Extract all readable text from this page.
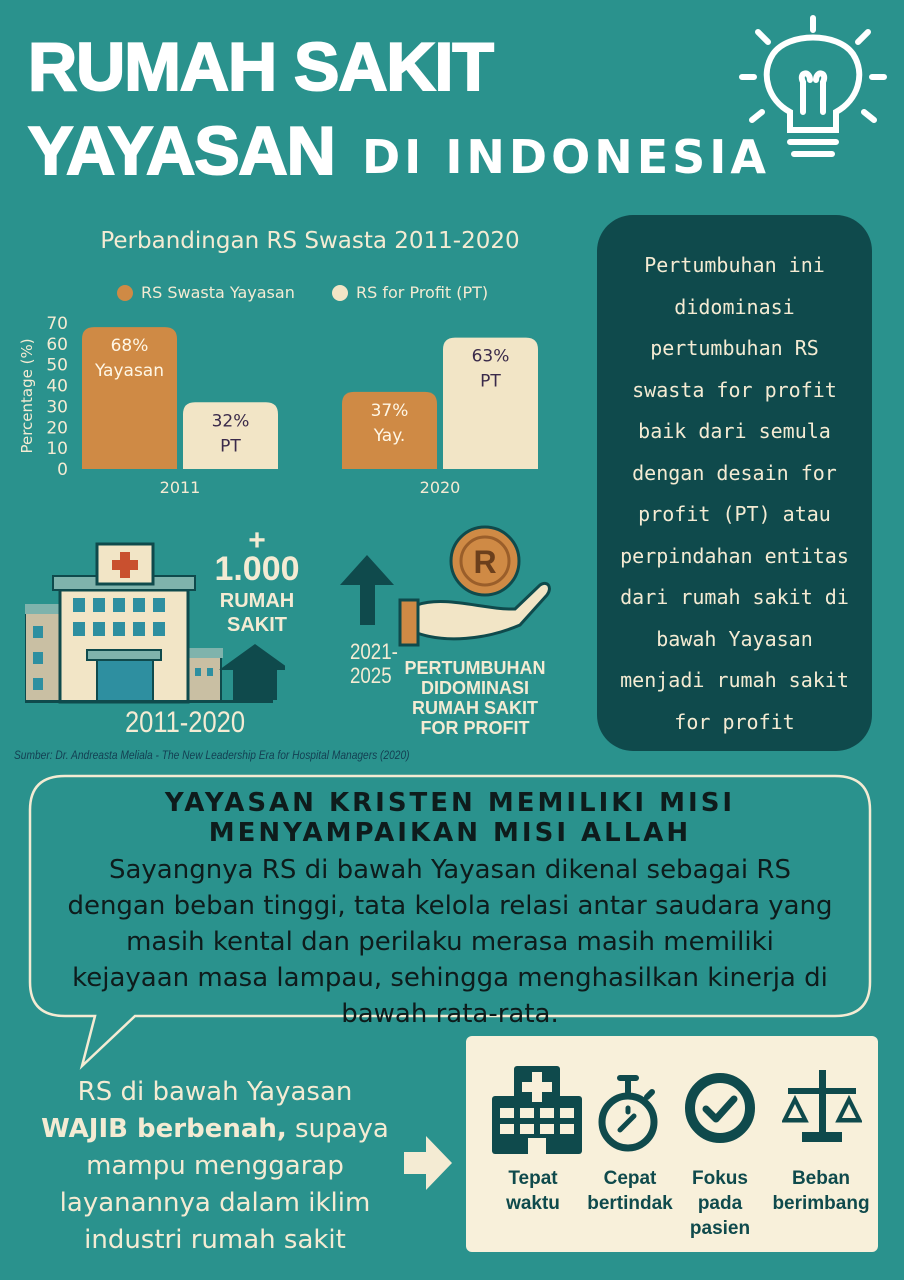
RUMAH SAKIT
YAYASAN DI INDONESIA
Perbandingan RS Swasta 2011-2020
RS Swasta Yayasan	RS for Profit (PT)
0
10
20
30
40
50
60
70
Percentage (%)	68%
Yayasan
32%
PT
2011
37%
Yay.
63%
PT
2020
+
1.000
RUMAH
SAKIT
2011-2020
R
2021-
2025 PERTUMBUHAN
DIDOMINASI
RUMAH SAKIT
FOR PROFIT
Sumber: Dr. Andreasta Meliala - The New Leadership Era for Hospital Managers (2020)
Pertumbuhan ini
didominasi
pertumbuhan RS
swasta for profit
baik dari semula
dengan desain for
profit (PT) atau
perpindahan entitas
dari rumah sakit di
bawah Yayasan
menjadi rumah sakit
for profit
YAYASAN KRISTEN MEMILIKI MISI
MENYAMPAIKAN MISI ALLAH
Sayangnya RS di bawah Yayasan dikenal sebagai RS
dengan beban tinggi, tata kelola relasi antar saudara yang
masih kental dan perilaku merasa masih memiliki
kejayaan masa lampau, sehingga menghasilkan kinerja di
bawah rata-rata.
RS di bawah Yayasan
WAJIB berbenah, supaya
mampu menggarap
layanannya dalam iklim
industri rumah sakit
Tepat
waktu
Cepat
bertindak
Fokus
pada
pasien
Beban
berimbang
